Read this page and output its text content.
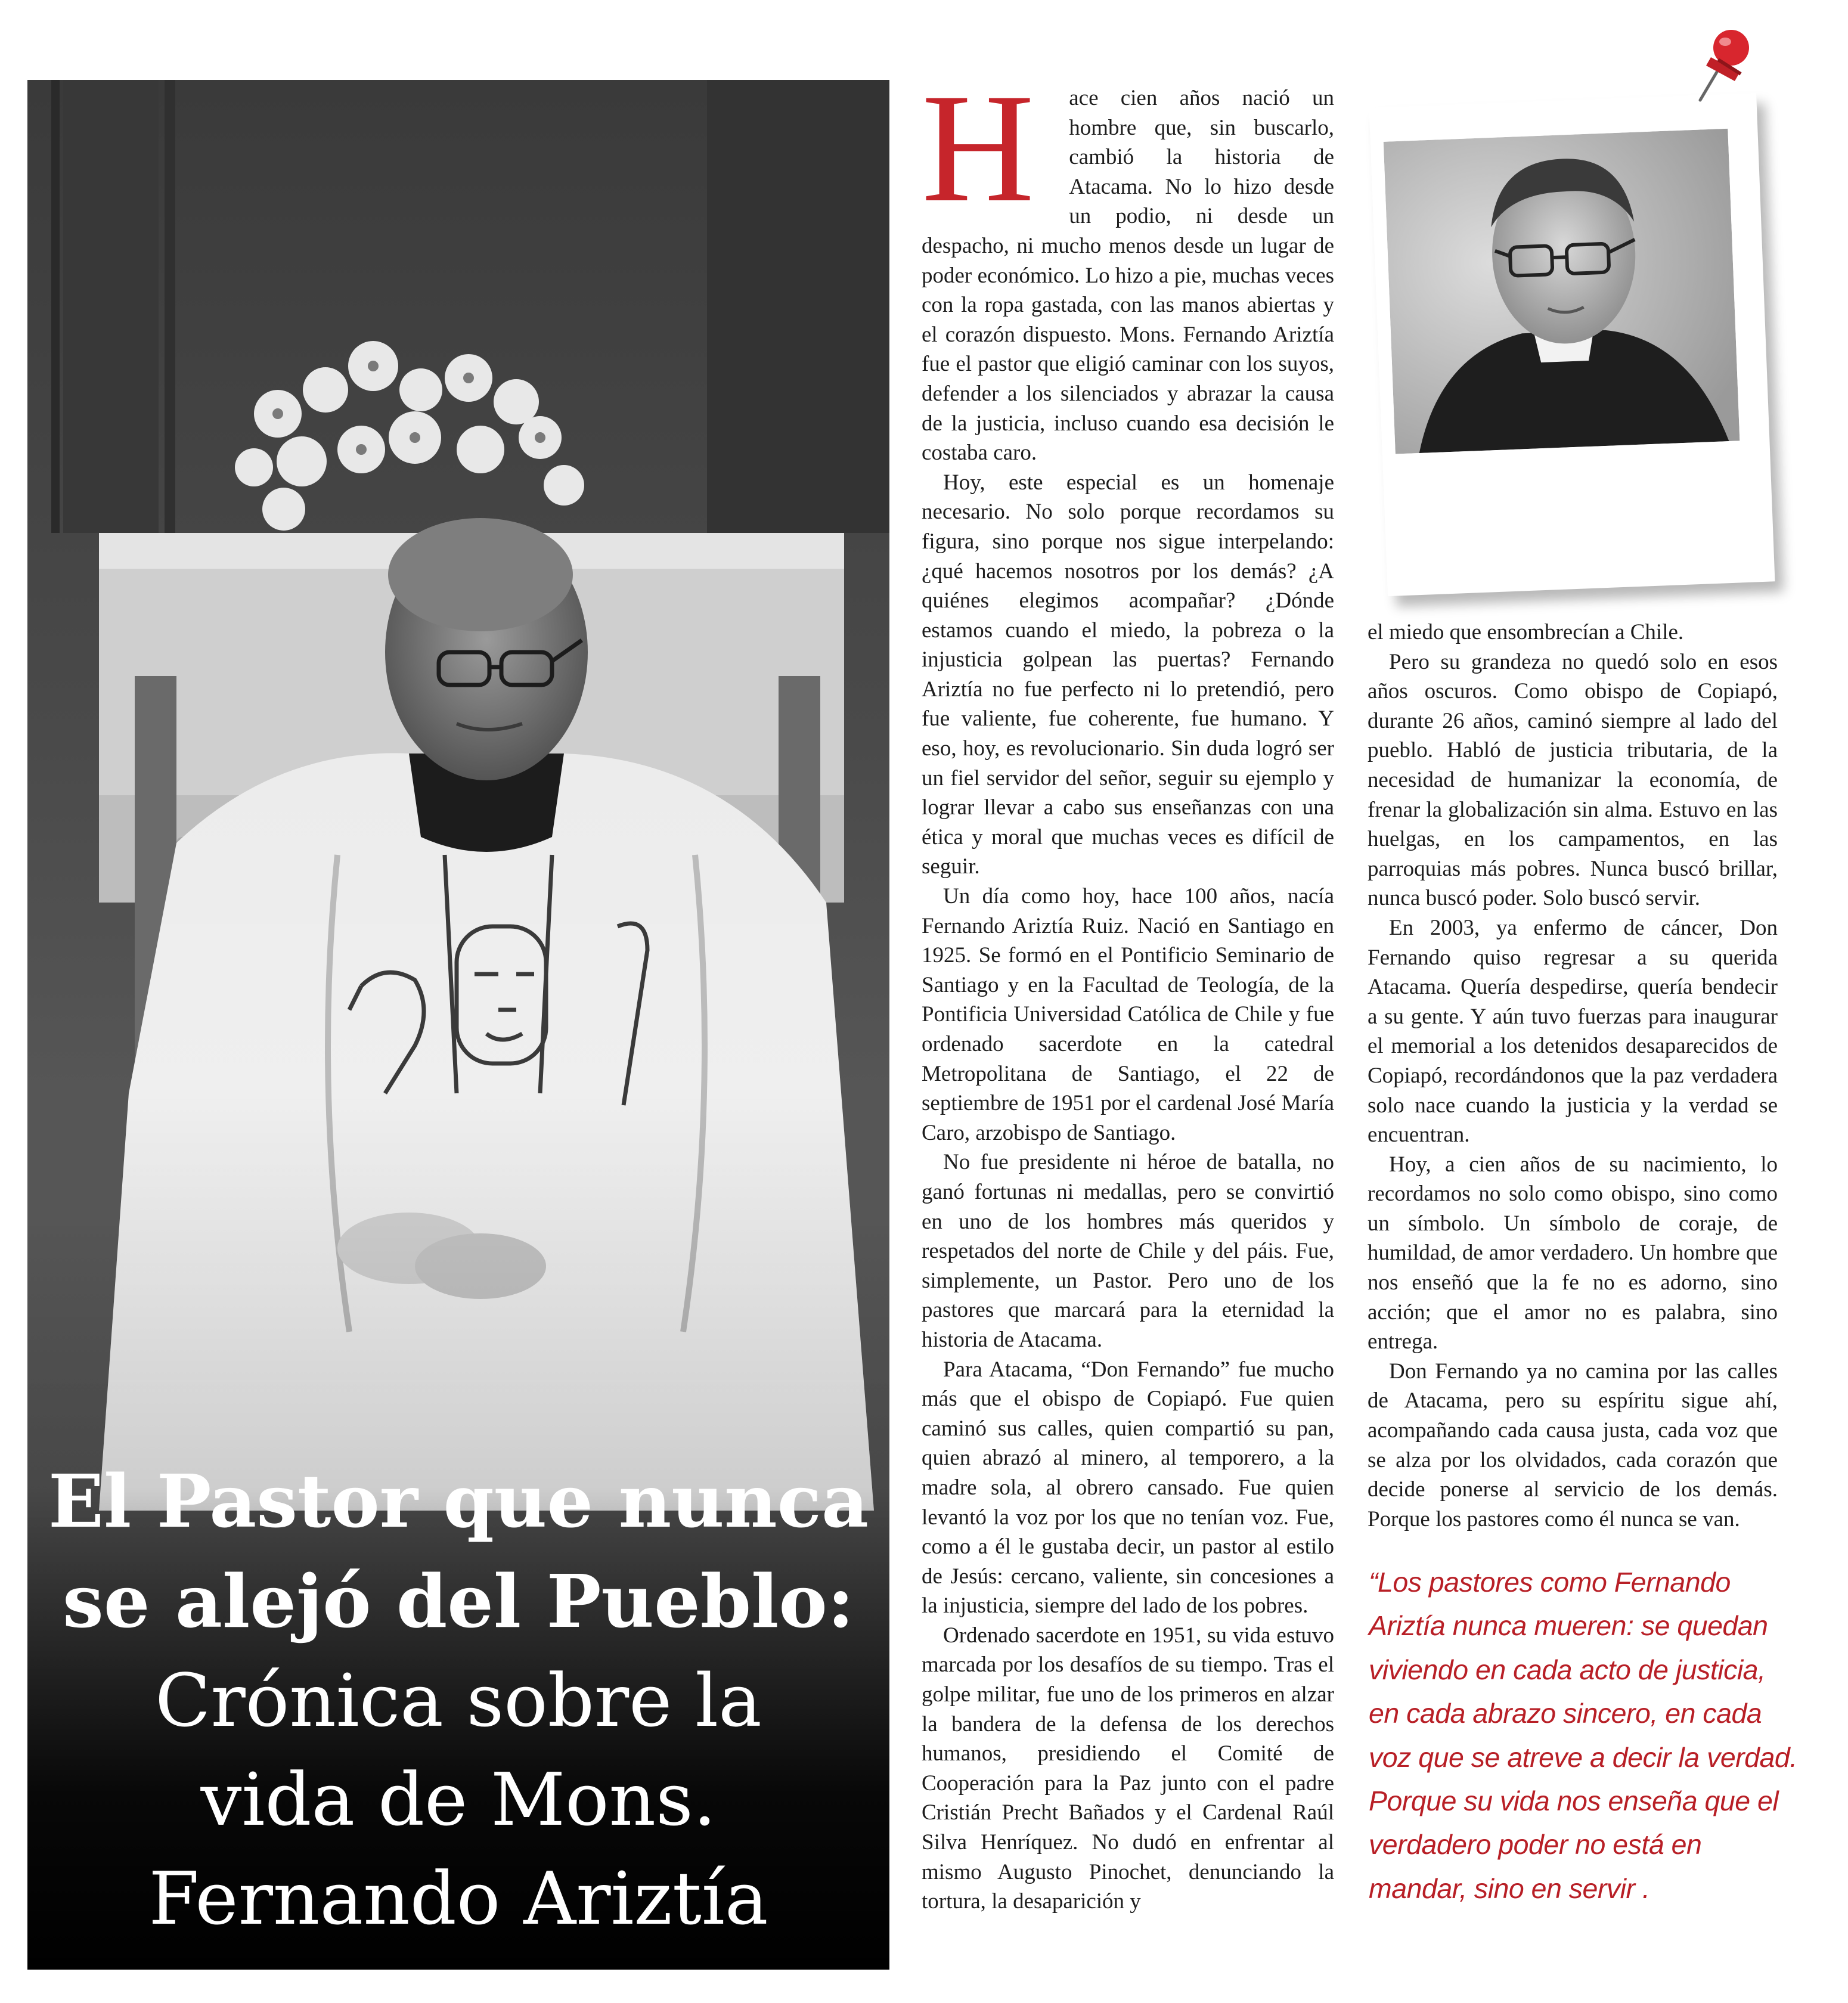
El Pastor que nunca
se alejó del Pueblo:
Crónica sobre la
vida de Mons.
Fernando Ariztía

H ace cien años nació un hombre que, sin buscarlo, cambió la historia de Atacama. No lo hizo desde un podio, ni desde un despacho, ni mucho menos desde un lugar de poder económico. Lo hizo a pie, muchas veces con la ropa gastada, con las manos abiertas y el corazón dispuesto. Mons. Fernando Ariztía fue el pastor que eligió caminar con los suyos, defender a los silenciados y abrazar la causa de la justicia, incluso cuando esa decisión le costaba caro.

Hoy, este especial es un homenaje necesario. No solo porque recordamos su figura, sino porque nos sigue interpelando: ¿qué hacemos nosotros por los demás? ¿A quiénes elegimos acompañar? ¿Dónde estamos cuando el miedo, la pobreza o la injusticia golpean las puertas? Fernando Ariztía no fue perfecto ni lo pretendió, pero fue valiente, fue coherente, fue humano. Y eso, hoy, es revolucionario. Sin duda logró ser un fiel servidor del señor, seguir su ejemplo y lograr llevar a cabo sus enseñanzas con una ética y moral que muchas veces es difícil de seguir.

Un día como hoy, hace 100 años, nacía Fernando Ariztía Ruiz. Nació en Santiago en 1925. Se formó en el Pontificio Seminario de Santiago y en la Facultad de Teología, de la Pontificia Universidad Católica de Chile y fue ordenado sacerdote en la catedral Metropolitana de Santiago, el 22 de septiembre de 1951 por el cardenal José María Caro, arzobispo de Santiago.

No fue presidente ni héroe de batalla, no ganó fortunas ni medallas, pero se convirtió en uno de los hombres más queridos y respetados del norte de Chile y del páis. Fue, simplemente, un Pastor. Pero uno de los pastores que marcará para la eternidad la historia de Atacama.

Para Atacama, “Don Fernando” fue mucho más que el obispo de Copiapó. Fue quien caminó sus calles, quien compartió su pan, quien abrazó al minero, al temporero, a la madre sola, al obrero cansado. Fue quien levantó la voz por los que no tenían voz. Fue, como a él le gustaba decir, un pastor al estilo de Jesús: cercano, valiente, sin concesiones a la injusticia, siempre del lado de los pobres.

Ordenado sacerdote en 1951, su vida estuvo marcada por los desafíos de su tiempo. Tras el golpe militar, fue uno de los primeros en alzar la bandera de la defensa de los derechos humanos, presidiendo el Comité de Cooperación para la Paz junto con el padre Cristián Precht Bañados y el Cardenal Raúl Silva Henríquez. No dudó en enfrentar al mismo Augusto Pinochet, denunciando la tortura, la desaparición y

el miedo que ensombrecían a Chile.

Pero su grandeza no quedó solo en esos años oscuros. Como obispo de Copiapó, durante 26 años, caminó siempre al lado del pueblo. Habló de justicia tributaria, de la necesidad de humanizar la economía, de frenar la globalización sin alma. Estuvo en las huelgas, en los campamentos, en las parroquias más pobres. Nunca buscó brillar, nunca buscó poder. Solo buscó servir.

En 2003, ya enfermo de cáncer, Don Fernando quiso regresar a su querida Atacama. Quería despedirse, quería bendecir a su gente. Y aún tuvo fuerzas para inaugurar el memorial a los detenidos desaparecidos de Copiapó, recordándonos que la paz verdadera solo nace cuando la justicia y la verdad se encuentran.

Hoy, a cien años de su nacimiento, lo recordamos no solo como obispo, sino como un símbolo. Un símbolo de coraje, de humildad, de amor verdadero. Un hombre que nos enseñó que la fe no es adorno, sino acción; que el amor no es palabra, sino entrega.

Don Fernando ya no camina por las calles de Atacama, pero su espíritu sigue ahí, acompañando cada causa justa, cada voz que se alza por los olvidados, cada corazón que decide ponerse al servicio de los demás. Porque los pastores como él nunca se van.

“Los pastores como Fernando Ariztía nunca mueren: se quedan viviendo en cada acto de justicia, en cada abrazo sincero, en cada voz que se atreve a decir la verdad. Porque su vida nos enseña que el verdadero poder no está en mandar, sino en servir .
